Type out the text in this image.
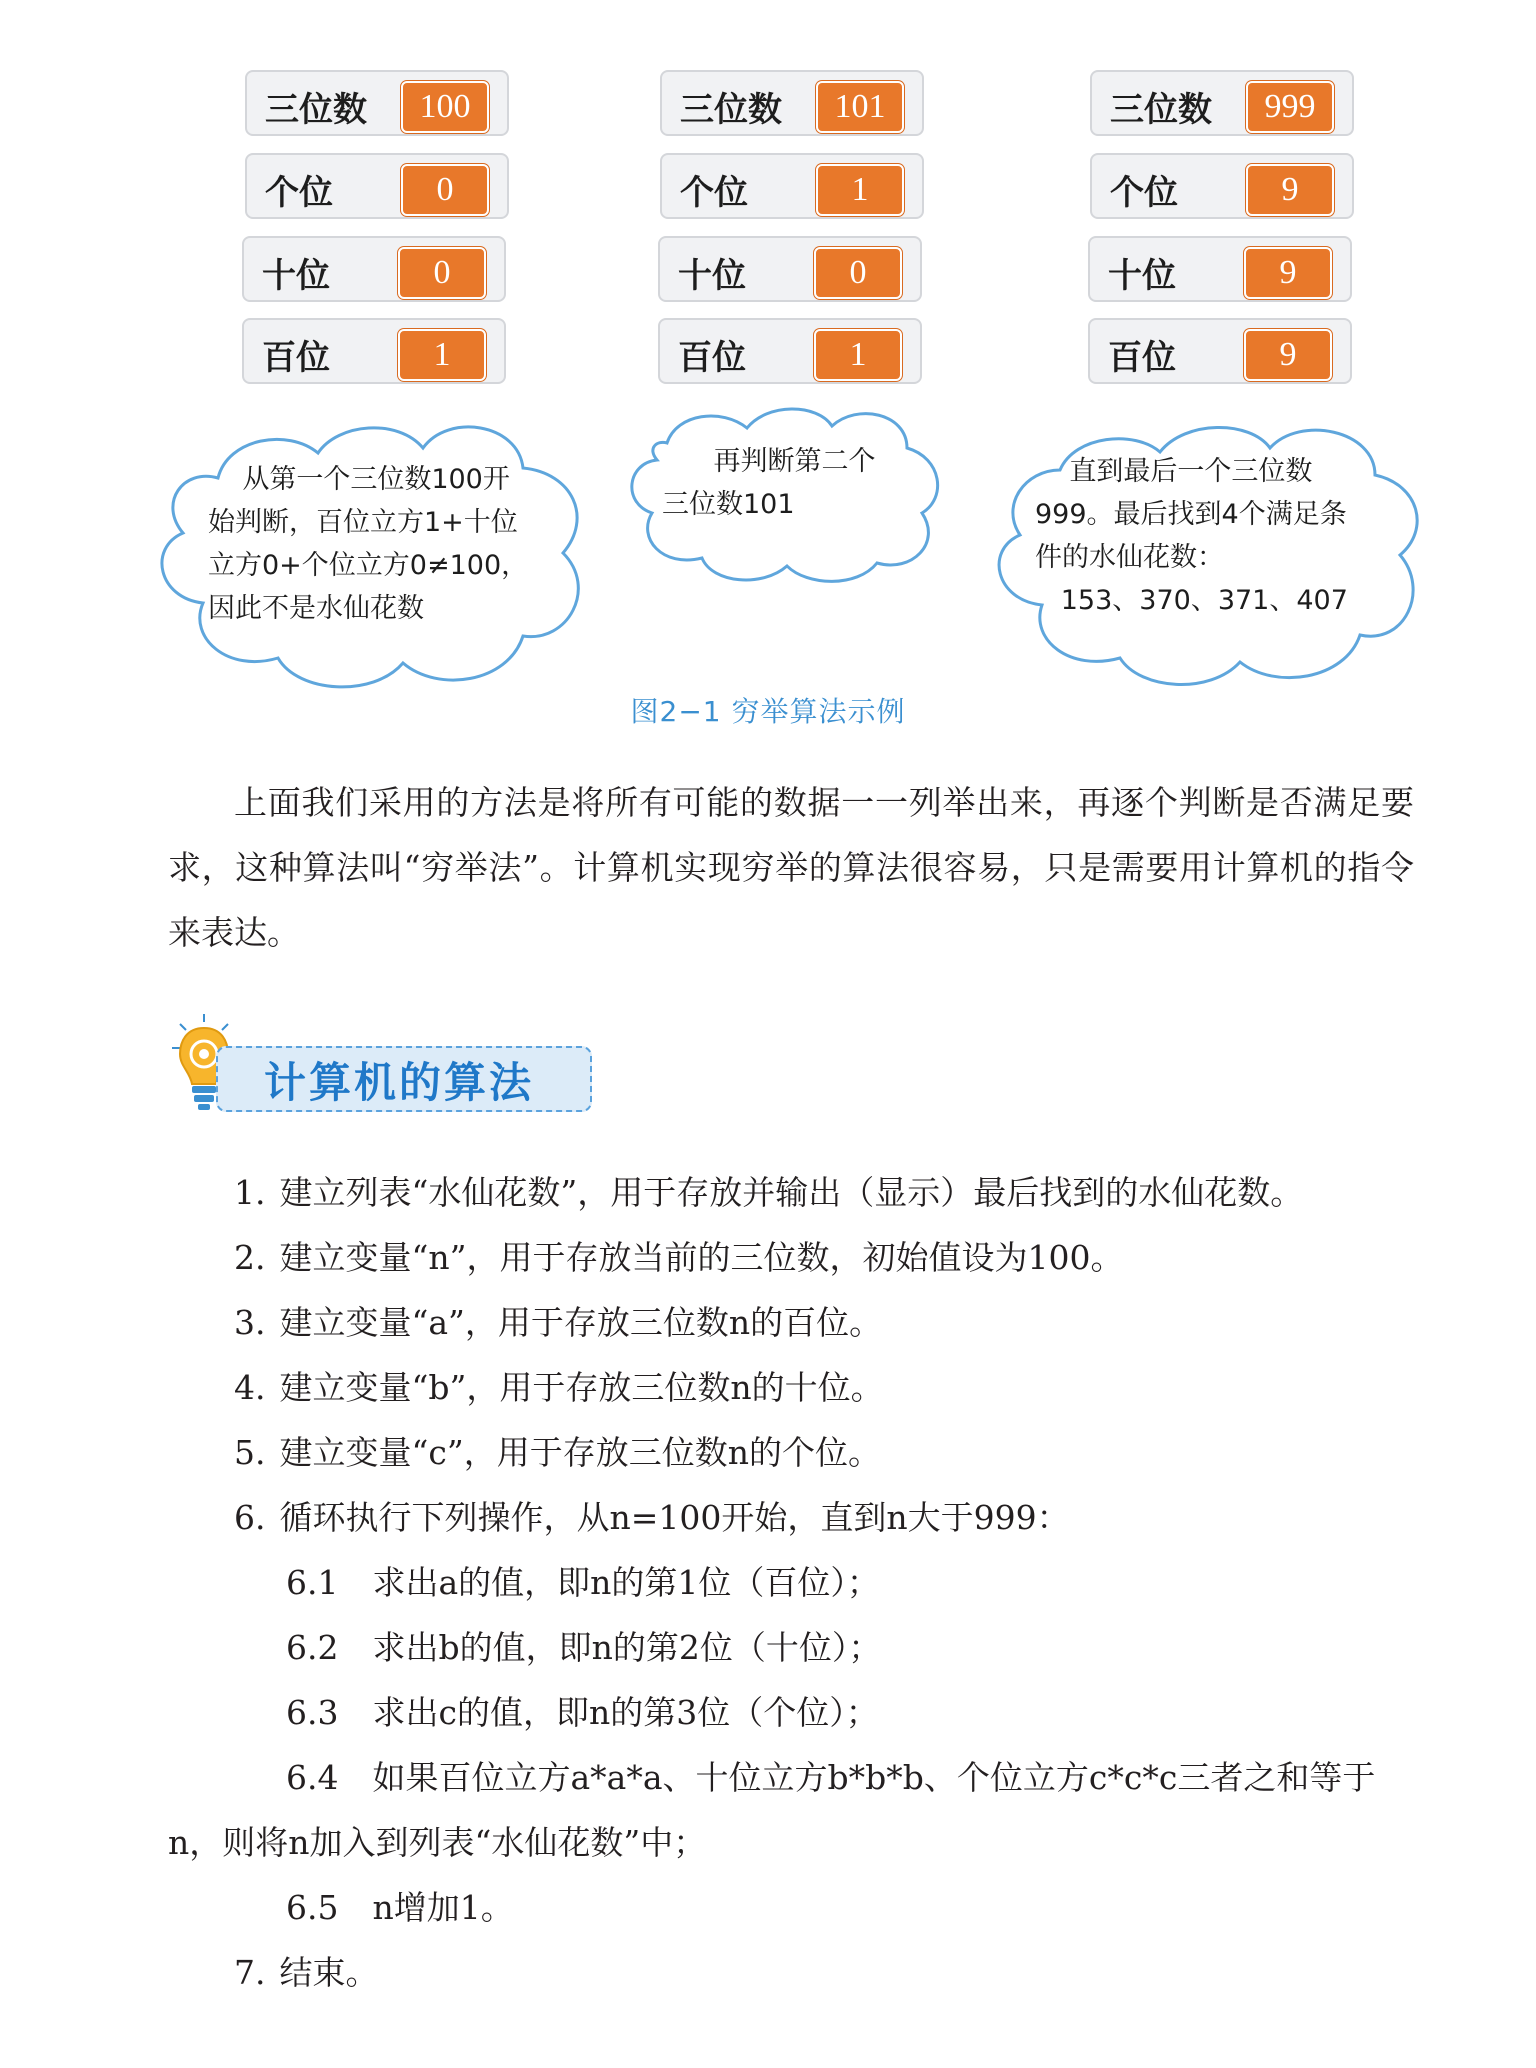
三位数	100
个位	0
十位	0
百位	1
三位数	101
个位	1
十位	0
百位	1
三位数	999
个位	9
十位	9
百位	9
从第一个三位数100开
始判断，百位立方1+十位
立方0+个位立方0≠100，
因此不是水仙花数
再判断第二个
三位数101
直到最后一个三位数
999。最后找到4个满足条
件的水仙花数：
153、370、371、407
图2−1 穷举算法示例
上面我们采用的方法是将所有可能的数据一一列举出来，再逐个判断是否满足要求，这种算法叫“穷举法”。计算机实现穷举的算法很容易，只是需要用计算机的指令来表达。
计算机的算法
1. 建立列表“水仙花数”，用于存放并输出（显示）最后找到的水仙花数。
2. 建立变量“n”，用于存放当前的三位数，初始值设为100。
3. 建立变量“a”，用于存放三位数n的百位。
4. 建立变量“b”，用于存放三位数n的十位。
5. 建立变量“c”，用于存放三位数n的个位。
6. 循环执行下列操作，从n=100开始，直到n大于999：
6.1 求出a的值，即n的第1位（百位）；
6.2 求出b的值，即n的第2位（十位）；
6.3 求出c的值，即n的第3位（个位）；
6.4 如果百位立方a*a*a、十位立方b*b*b、个位立方c*c*c三者之和等于n，则将n加入到列表“水仙花数”中；
6.5 n增加1。
7. 结束。
